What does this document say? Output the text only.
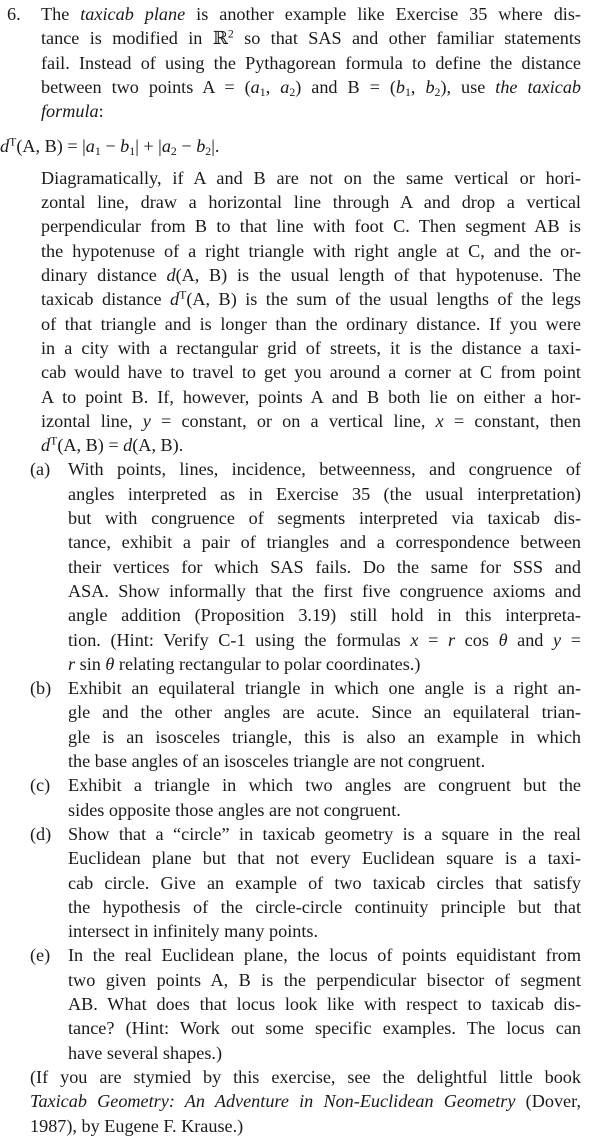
6. The taxicab plane is another example like Exercise 35 where dis-
tance is modified in ℝ$^2$ so that SAS and other familiar statements
fail. Instead of using the Pythagorean formula to define the distance
between two points $A = (a_1$, $a_2$) and $B = (b_1$, $b_2$), use the taxicab
formula:
$d^T(A$, $B) = |a_1 - b_1| + |a_2 - b_2|$.
Diagramatically, if A and B are not on the same vertical or hori-
zontal line, draw a horizontal line through A and drop a vertical
perpendicular from B to that line with foot C. Then segment AB is
the hypotenuse of a right triangle with right angle at C, and the or-
dinary distance d(A, B) is the usual length of that hypotenuse. The
taxicab distance $d^T(A$, B) is the sum of the usual lengths of the legs
of that triangle and is longer than the ordinary distance. If you were
in a city with a rectangular grid of streets, it is the distance a taxi-
cab would have to travel to get you around a corner at C from point
A to point B. If, however, points A and B both lie on either a hor-
izontal line, y = constant, or on a vertical line, x = constant, then
$d^T(A$, B) = d(A, B).
(a) With points, lines, incidence, betweenness, and congruence of
angles interpreted as in Exercise 35 (the usual interpretation)
but with congruence of segments interpreted via taxicab dis-
tance, exhibit a pair of triangles and a correspondence between
their vertices for which SAS fails. Do the same for SSS and
ASA. Show informally that the first five congruence axioms and
angle addition (Proposition 3.19) still hold in this interpreta-
tion. (Hint: Verify C-1 using the formulas x = r cos θ and y =
r sin θ relating rectangular to polar coordinates.)
(b) Exhibit an equilateral triangle in which one angle is a right an-
gle and the other angles are acute. Since an equilateral trian-
gle is an isosceles triangle, this is also an example in which
the base angles of an isosceles triangle are not congruent.
(c) Exhibit a triangle in which two angles are congruent but the
sides opposite those angles are not congruent.
(d) Show that a “circle” in taxicab geometry is a square in the real
Euclidean plane but that not every Euclidean square is a taxi-
cab circle. Give an example of two taxicab circles that satisfy
the hypothesis of the circle-circle continuity principle but that
intersect in infinitely many points.
(e) In the real Euclidean plane, the locus of points equidistant from
two given points A, B is the perpendicular bisector of segment
AB. What does that locus look like with respect to taxicab dis-
tance? (Hint: Work out some specific examples. The locus can
have several shapes.)
(If you are stymied by this exercise, see the delightful little book
Taxicab Geometry: An Adventure in Non-Euclidean Geometry (Dover,
1987), by Eugene F. Krause.)
